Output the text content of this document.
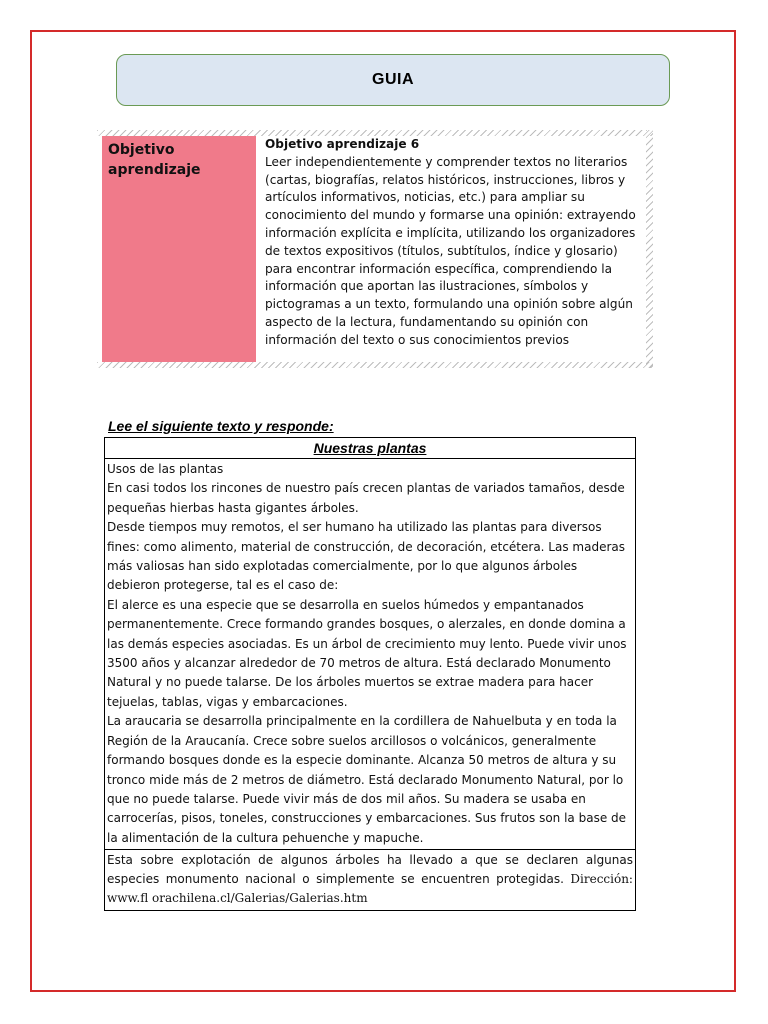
GUIA
Objetivo aprendizaje
Objetivo aprendizaje 6
Leer independientemente y comprender textos no literarios (cartas, biografías, relatos históricos, instrucciones, libros y artículos informativos, noticias, etc.) para ampliar su conocimiento del mundo y formarse una opinión: extrayendo información explícita e implícita, utilizando los organizadores de textos expositivos (títulos, subtítulos, índice y glosario) para encontrar información específica, comprendiendo la información que aportan las ilustraciones, símbolos y pictogramas a un texto, formulando una opinión sobre algún aspecto de la lectura, fundamentando su opinión con información del texto o sus conocimientos previos
Lee el siguiente texto y responde:
Nuestras plantas

Usos de las plantas

En casi todos los rincones de nuestro país crecen plantas de variados tamaños, desde pequeñas hierbas hasta gigantes árboles.

Desde tiempos muy remotos, el ser humano ha utilizado las plantas para diversos fines: como alimento, material de construcción, de decoración, etcétera. Las maderas más valiosas han sido explotadas comercialmente, por lo que algunos árboles debieron protegerse, tal es el caso de:

El alerce es una especie que se desarrolla en suelos húmedos y empantanados permanentemente. Crece formando grandes bosques, o alerzales, en donde domina a las demás especies asociadas. Es un árbol de crecimiento muy lento. Puede vivir unos 3500 años y alcanzar alrededor de 70 metros de altura. Está declarado Monumento Natural y no puede talarse. De los árboles muertos se extrae madera para hacer tejuelas, tablas, vigas y embarcaciones.

La araucaria se desarrolla principalmente en la cordillera de Nahuelbuta y en toda la Región de la Araucanía. Crece sobre suelos arcillosos o volcánicos, generalmente formando bosques donde es la especie dominante. Alcanza 50 metros de altura y su tronco mide más de 2 metros de diámetro. Está declarado Monumento Natural, por lo que no puede talarse. Puede vivir más de dos mil años. Su madera se usaba en carrocerías, pisos, toneles, construcciones y embarcaciones. Sus frutos son la base de la alimentación de la cultura pehuenche y mapuche.

Esta sobre explotación de algunos árboles ha llevado a que se declaren algunas especies monumento nacional o simplemente se encuentren protegidas. Dirección: www.fl orachilena.cl/Galerias/Galerias.htm
